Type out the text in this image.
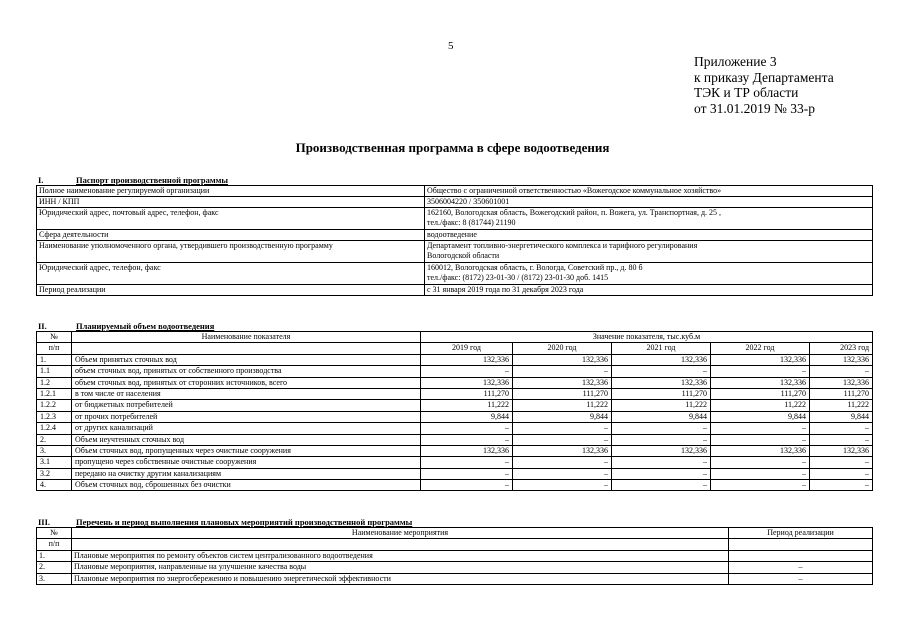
5
Приложение 3
к приказу Департамента
ТЭК и ТР области
от 31.01.2019 № 33-р
Производственная программа в сфере водоотведения
I.	Паспорт производственной программы
Полное наименование регулируемой организации	Общество с ограниченной ответственностью «Вожегодское коммунальное хозяйство»

ИНН / КПП	3506004220 / 350601001

Юридический адрес, почтовый адрес, телефон, факс	162160, Вологодская область, Вожегодский район, п. Вожега, ул. Транспортная, д. 25 ,
тел./факс: 8 (81744) 21190

Сфера деятельности	водоотведение

Наименование уполномоченного органа, утвердившего производственную программу	Департамент топливно-энергетического комплекса и тарифного регулирования
Вологодской области

Юридический адрес, телефон, факс	160012, Вологодская область, г. Вологда, Советский пр., д. 80 б
тел./факс: (8172) 23-01-30 / (8172) 23-01-30 доб. 1415

Период реализации	с 31 января 2019 года по 31 декабря 2023 года
II.	Планируемый объем водоотведения
№	Наименование показателя	Значение показателя, тыс.куб.м				
п/п		2019 год	2020 год	2021 год	2022 год	2023 год
1.	Объем принятых сточных вод	132,336	132,336	132,336	132,336	132,336
1.1	объем сточных вод, принятых от собственного производства	–	–	–	–	–
1.2	объем сточных вод, принятых от сторонних источников, всего	132,336	132,336	132,336	132,336	132,336
1.2.1	в том числе от населения	111,270	111,270	111,270	111,270	111,270
1.2.2	от бюджетных потребителей	11,222	11,222	11,222	11,222	11,222
1.2.3	от прочих потребителей	9,844	9,844	9,844	9,844	9,844
1.2.4	от других канализаций	–	–	–	–	–
2.	Объем неучтенных сточных вод	–	–	–	–	–
3.	Объем сточных вод, пропущенных через очистные сооружения	132,336	132,336	132,336	132,336	132,336
3.1	пропущено через собственные очистные сооружения	–	–	–	–	–
3.2	передано на очистку другим канализациям	–	–	–	–	–
4.	Объем сточных вод, сброшенных без очистки	–	–	–	–	–
III.	Перечень и период выполнения плановых мероприятий производственной программы
№	Наименование мероприятия	Период реализации
п/п		
1.	Плановые мероприятия по ремонту объектов систем централизованного водоотведения	
2.	Плановые мероприятия, направленные на улучшение качества воды	–
3.	Плановые мероприятия по энергосбережению и повышению энергетической эффективности	–
